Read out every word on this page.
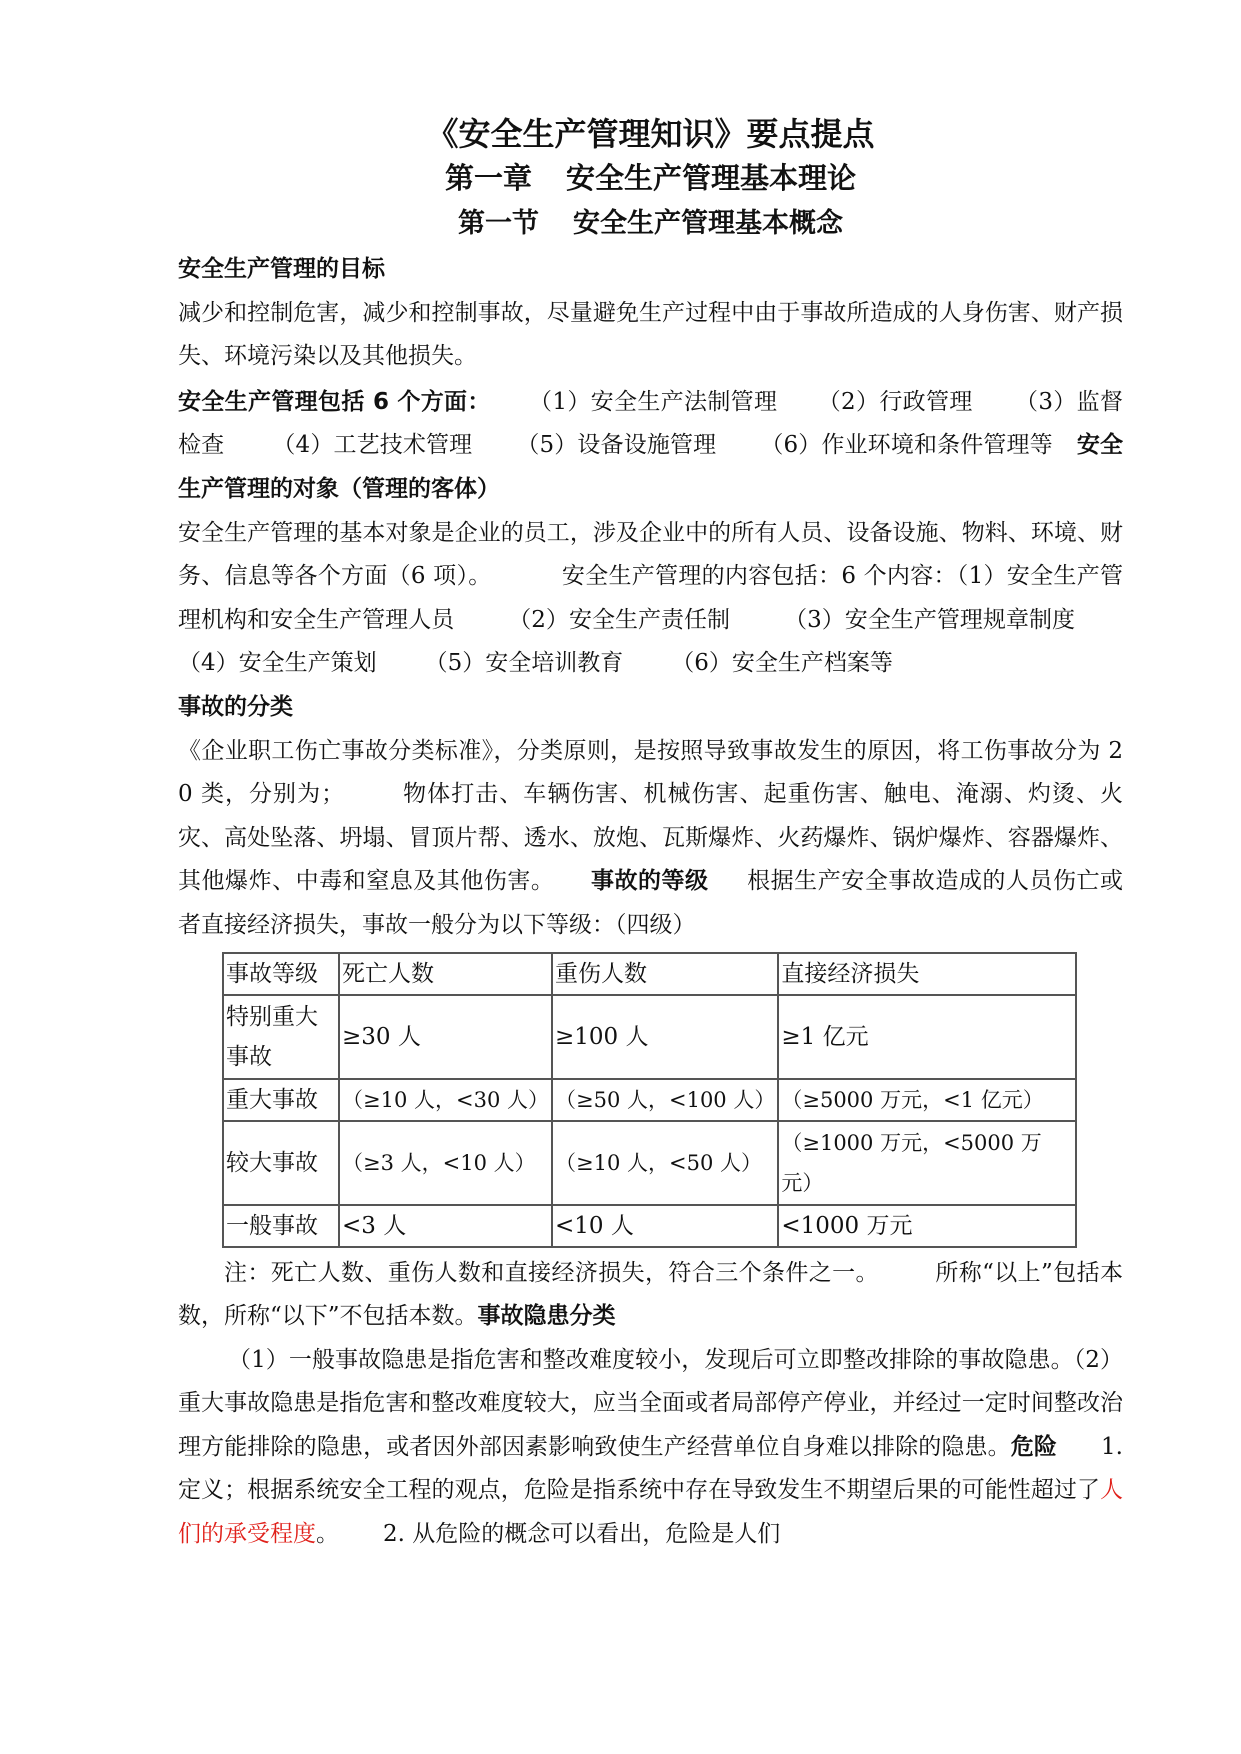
《安全生产管理知识》要点提点
第一章 安全生产管理基本理论
第一节 安全生产管理基本概念

安全生产管理的目标

减少和控制危害，减少和控制事故，尽量避免生产过程中由于事故所造成的人身伤害、财产损失、环境污染以及其他损失。

安全生产管理包括 6 个方面： （1）安全生产法制管理 （2）行政管理 （3）监督检查 （4）工艺技术管理 （5）设备设施管理 （6）作业环境和条件管理等 安全生产管理的对象（管理的客体）

安全生产管理的基本对象是企业的员工，涉及企业中的所有人员、设备设施、物料、环境、财务、信息等各个方面（6 项）。	安全生产管理的内容包括：6 个内容：（1）安全生产管理机构和安全生产管理人员 （2）安全生产责任制 （3）安全生产管理规章制度（4）安全生产策划 （5）安全培训教育 （6）安全生产档案等

事故的分类

《企业职工伤亡事故分类标准》，分类原则，是按照导致事故发生的原因，将工伤事故分为 20 类，分别为；	物体打击、车辆伤害、机械伤害、起重伤害、触电、淹溺、灼烫、火灾、高处坠落、坍塌、冒顶片帮、透水、放炮、瓦斯爆炸、火药爆炸、锅炉爆炸、容器爆炸、其他爆炸、中毒和窒息及其他伤害。 事故的等级 根据生产安全事故造成的人员伤亡或者直接经济损失，事故一般分为以下等级：（四级）

事故等级	死亡人数	重伤人数	直接经济损失
特别重大事故	≥30 人	≥100 人	≥1 亿元
重大事故	（≥10 人，<30 人）	（≥50 人，<100 人）	（≥5000 万元，<1 亿元）
较大事故	（≥3 人，<10 人）	（≥10 人，<50 人）	（≥1000 万元，<5000 万元）
一般事故	<3 人	<10 人	<1000 万元

注：死亡人数、重伤人数和直接经济损失，符合三个条件之一。 所称“以上”包括本数，所称“以下”不包括本数。事故隐患分类

（1）一般事故隐患是指危害和整改难度较小，发现后可立即整改排除的事故隐患。（2）重大事故隐患是指危害和整改难度较大，应当全面或者局部停产停业，并经过一定时间整改治理方能排除的隐患，或者因外部因素影响致使生产经营单位自身难以排除的隐患。危险 1. 定义；根据系统安全工程的观点，危险是指系统中存在导致发生不期望后果的可能性超过了人们的承受程度。 2. 从危险的概念可以看出，危险是人们
